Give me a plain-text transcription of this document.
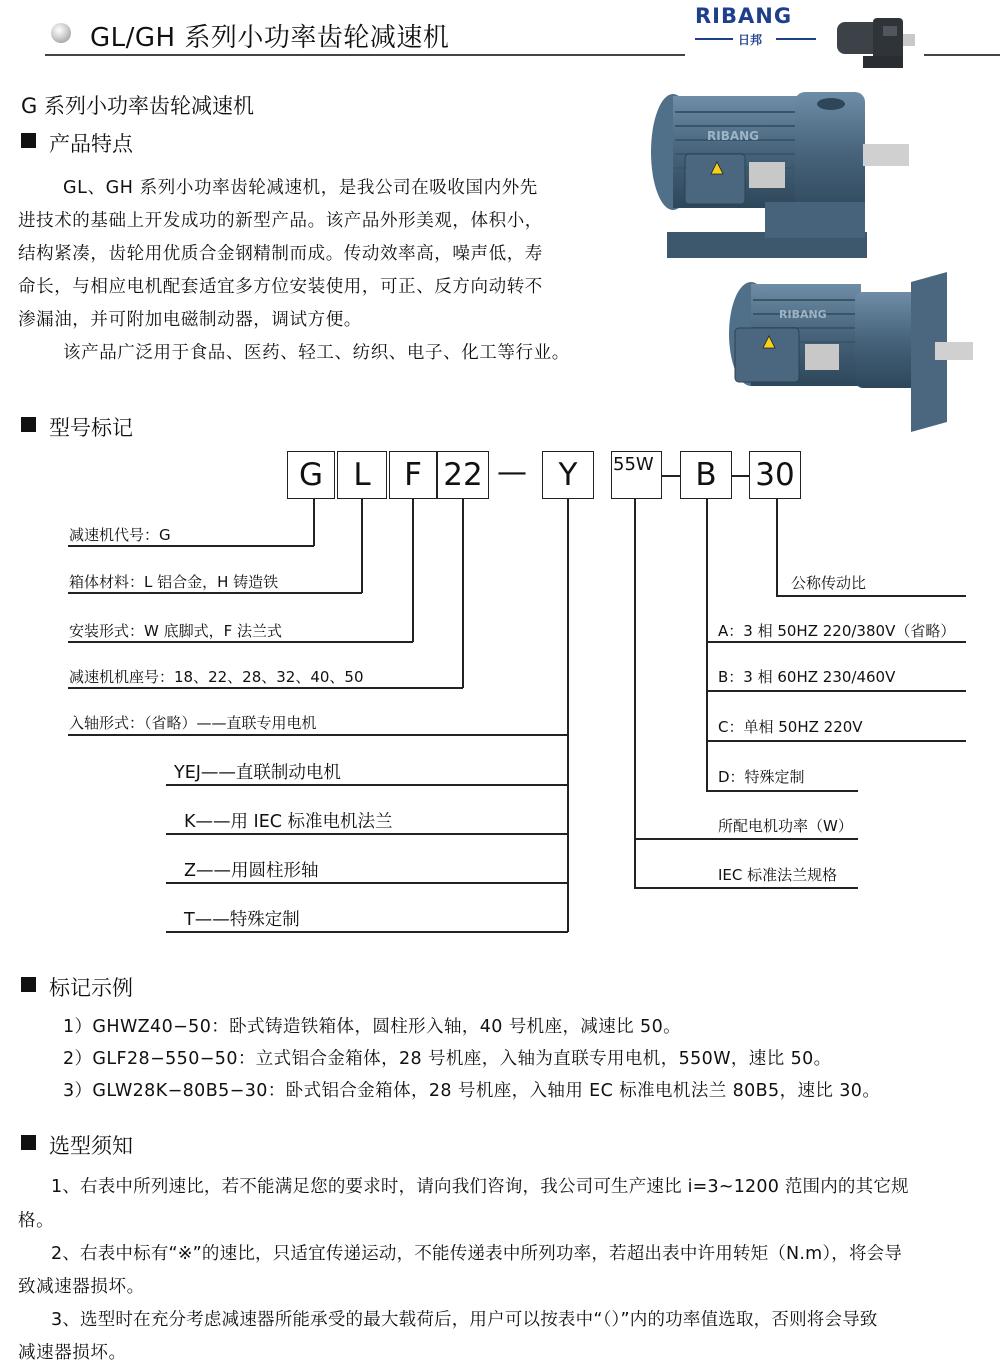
GL/GH 系列小功率齿轮减速机
RIBANG
日邦
G 系列小功率齿轮减速机
产品特点
GL、GH 系列小功率齿轮减速机，是我公司在吸收国内外先
进技术的基础上开发成功的新型产品。该产品外形美观，体积小，
结构紧凑，齿轮用优质合金钢精制而成。传动效率高，噪声低，寿
命长，与相应电机配套适宜多方位安装使用，可正、反方向动转不
渗漏油，并可附加电磁制动器，调试方便。
该产品广泛用于食品、医药、轻工、纺织、电子、化工等行业。
RIBANG
RIBANG
型号标记
G L	F 22 —	Y	55W	B	30
减速机代号：G
箱体材料：L 铝合金，H 铸造铁
安装形式：W 底脚式，F 法兰式
减速机机座号：18、22、28、32、40、50
入轴形式：（省略）——直联专用电机
YEJ——直联制动电机
K——用 IEC 标准电机法兰
Z——用圆柱形轴
T——特殊定制
公称传动比
A：3 相 50HZ 220/380V（省略）
B：3 相 60HZ 230/460V
C：单相 50HZ 220V
D：特殊定制
所配电机功率（W）
IEC 标准法兰规格
标记示例
1）GHWZ40−50：卧式铸造铁箱体，圆柱形入轴，40 号机座，减速比 50。
2）GLF28−550−50：立式铝合金箱体，28 号机座，入轴为直联专用电机，550W，速比 50。
3）GLW28K−80B5−30：卧式铝合金箱体，28 号机座，入轴用 EC 标准电机法兰 80B5，速比 30。
选型须知
1、右表中所列速比，若不能满足您的要求时，请向我们咨询，我公司可生产速比 i=3~1200 范围内的其它规
格。
2、右表中标有“※”的速比，只适宜传递运动，不能传递表中所列功率，若超出表中许用转矩（N.m），将会导
致减速器损坏。
3、选型时在充分考虑减速器所能承受的最大载荷后，用户可以按表中“（）”内的功率值选取，否则将会导致
减速器损坏。
